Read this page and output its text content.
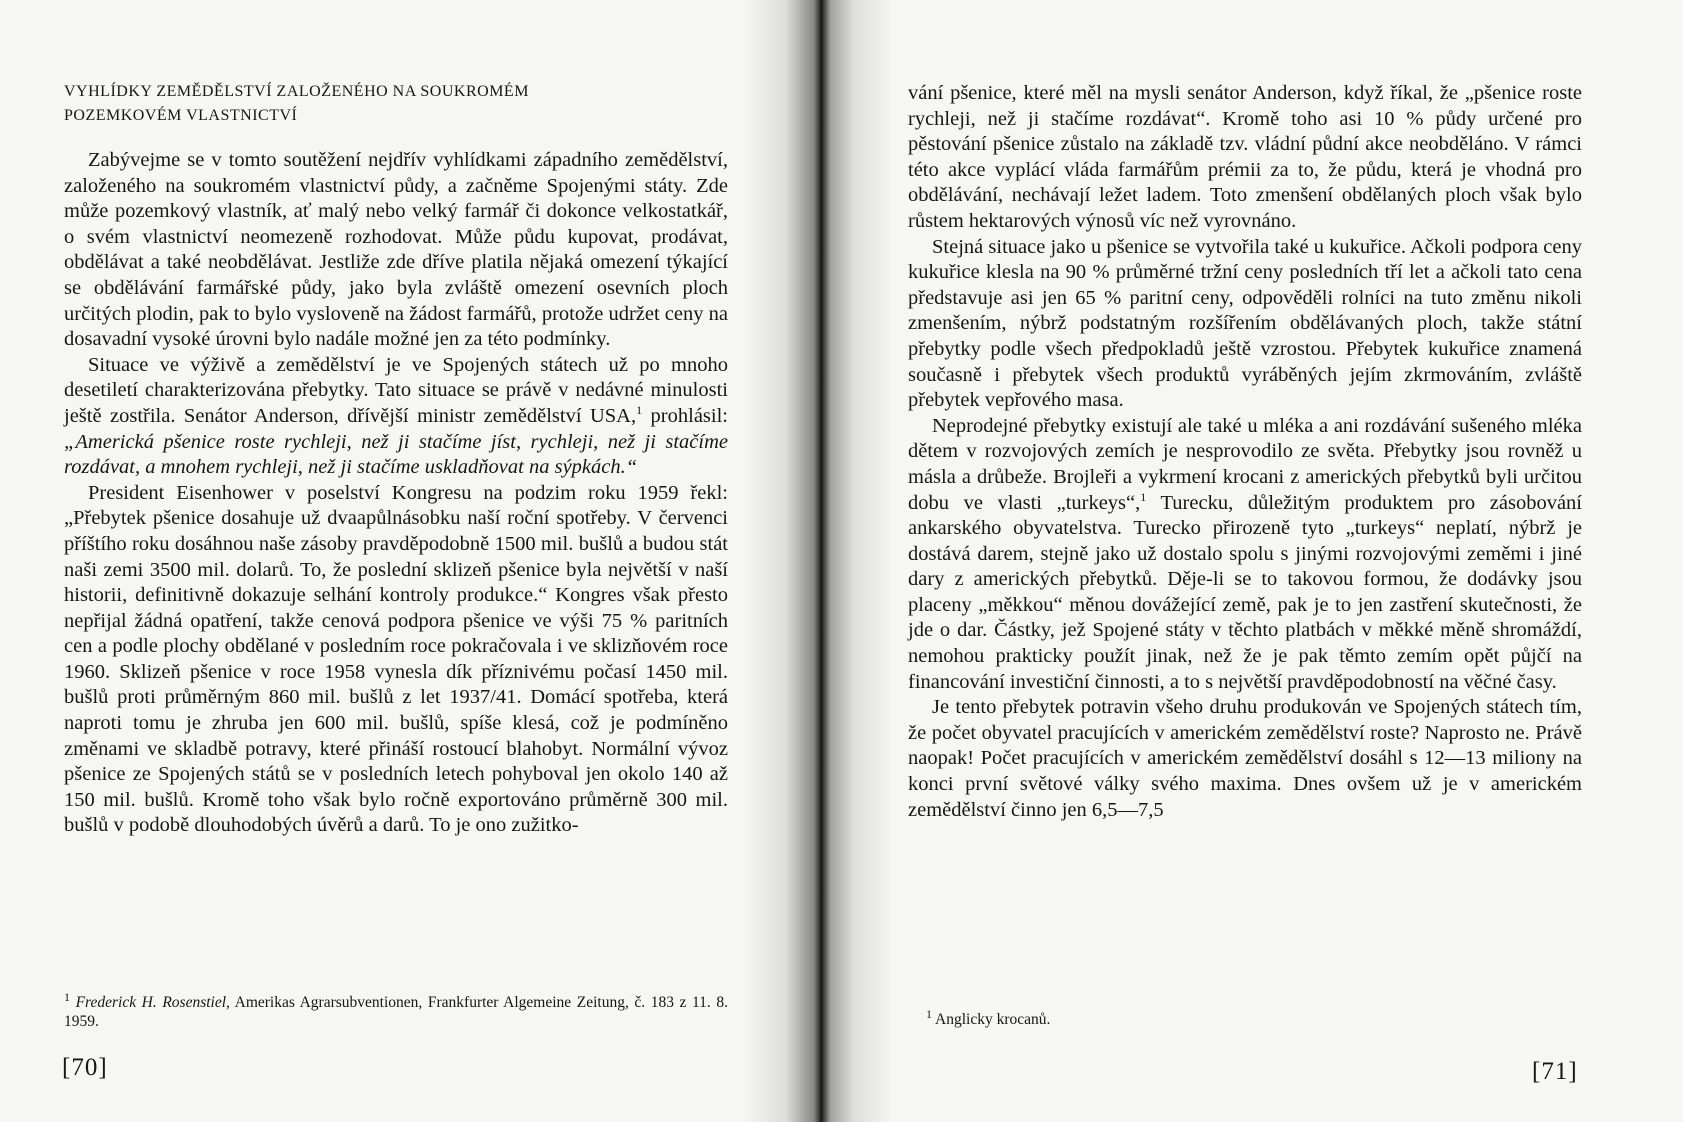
VYHLÍDKY ZEMĚDĚLSTVÍ ZALOŽENÉHO NA SOUKROMÉM
POZEMKOVÉM VLASTNICTVÍ

Zabývejme se v tomto soutěžení nejdřív vyhlídkami západního zemědělství, založeného na soukromém vlastnictví půdy, a začněme Spojenými státy. Zde může pozemkový vlastník, ať malý nebo velký farmář či dokonce velkostatkář, o svém vlastnictví neomezeně rozhodovat. Může půdu kupovat, prodávat, obdělávat a také neobdělávat. Jestliže zde dříve platila nějaká omezení týkající se obdělávání farmářské půdy, jako byla zvláště omezení osevních ploch určitých plodin, pak to bylo vysloveně na žádost farmářů, protože udržet ceny na dosavadní vysoké úrovni bylo nadále možné jen za této podmínky.

Situace ve výživě a zemědělství je ve Spojených státech už po mnoho desetiletí charakterizována přebytky. Tato situace se právě v nedávné minulosti ještě zostřila. Senátor Anderson, dřívější ministr zemědělství USA,$^1$ prohlásil: „Americká pšenice roste rychleji, než ji stačíme jíst, rychleji, než ji stačíme rozdávat, a mnohem rychleji, než ji stačíme uskladňovat na sýpkách.“

President Eisenhower v poselství Kongresu na podzim roku 1959 řekl: „Přebytek pšenice dosahuje už dvaapůlnásobku naší roční spotřeby. V červenci příštího roku dosáhnou naše zásoby pravděpodobně 1500 mil. bušlů a budou stát naši zemi 3500 mil. dolarů. To, že poslední sklizeň pšenice byla největší v naší historii, definitivně dokazuje selhání kontroly produkce.“ Kongres však přesto nepřijal žádná opatření, takže cenová podpora pšenice ve výši 75 % paritních cen a podle plochy obdělané v posledním roce pokračovala i ve sklizňovém roce 1960. Sklizeň pšenice v roce 1958 vynesla dík příznivému počasí 1450 mil. bušlů proti průměrným 860 mil. bušlů z let 1937/41. Domácí spotřeba, která naproti tomu je zhruba jen 600 mil. bušlů, spíše klesá, což je podmíněno změnami ve skladbě potravy, které přináší rostoucí blahobyt. Normální vývoz pšenice ze Spojených států se v posledních letech pohyboval jen okolo 140 až 150 mil. bušlů. Kromě toho však bylo ročně exportováno průměrně 300 mil. bušlů v podobě dlouhodobých úvěrů a darů. To je ono zužitko-

$^1$ Frederick H. Rosenstiel, Amerikas Agrarsubventionen, Frankfurter Algemeine Zeitung, č. 183 z 11. 8. 1959.
[70]

vání pšenice, které měl na mysli senátor Anderson, když říkal, že „pšenice roste rychleji, než ji stačíme rozdávat“. Kromě toho asi 10 % půdy určené pro pěstování pšenice zůstalo na základě tzv. vládní půdní akce neobděláno. V rámci této akce vyplácí vláda farmářům prémii za to, že půdu, která je vhodná pro obdělávání, nechávají ležet ladem. Toto zmenšení obdělaných ploch však bylo růstem hektarových výnosů víc než vyrovnáno.

Stejná situace jako u pšenice se vytvořila také u kukuřice. Ačkoli podpora ceny kukuřice klesla na 90 % průměrné tržní ceny posledních tří let a ačkoli tato cena představuje asi jen 65 % paritní ceny, odpověděli rolníci na tuto změnu nikoli zmenšením, nýbrž podstatným rozšířením obdělávaných ploch, takže státní přebytky podle všech předpokladů ještě vzrostou. Přebytek kukuřice znamená současně i přebytek všech produktů vyráběných jejím zkrmováním, zvláště přebytek vepřového masa.

Neprodejné přebytky existují ale také u mléka a ani rozdávání sušeného mléka dětem v rozvojových zemích je nesprovodilo ze světa. Přebytky jsou rovněž u másla a drůbeže. Brojleři a vykrmení krocani z amerických přebytků byli určitou dobu ve vlasti „turkeys“,$^1$ Turecku, důležitým produktem pro zásobování ankarského obyvatelstva. Turecko přirozeně tyto „turkeys“ neplatí, nýbrž je dostává darem, stejně jako už dostalo spolu s jinými rozvojovými zeměmi i jiné dary z amerických přebytků. Děje-li se to takovou formou, že dodávky jsou placeny „měkkou“ měnou dovážející země, pak je to jen zastření skutečnosti, že jde o dar. Částky, jež Spojené státy v těchto platbách v měkké měně shromáždí, nemohou prakticky použít jinak, než že je pak těmto zemím opět půjčí na financování investiční činnosti, a to s největší pravděpodobností na věčné časy.

Je tento přebytek potravin všeho druhu produkován ve Spojených státech tím, že počet obyvatel pracujících v americkém zemědělství roste? Naprosto ne. Právě naopak! Počet pracujících v americkém zemědělství dosáhl s 12—13 miliony na konci první světové války svého maxima. Dnes ovšem už je v americkém zemědělství činno jen 6,5—7,5

$^1$ Anglicky krocanů.
[71]
